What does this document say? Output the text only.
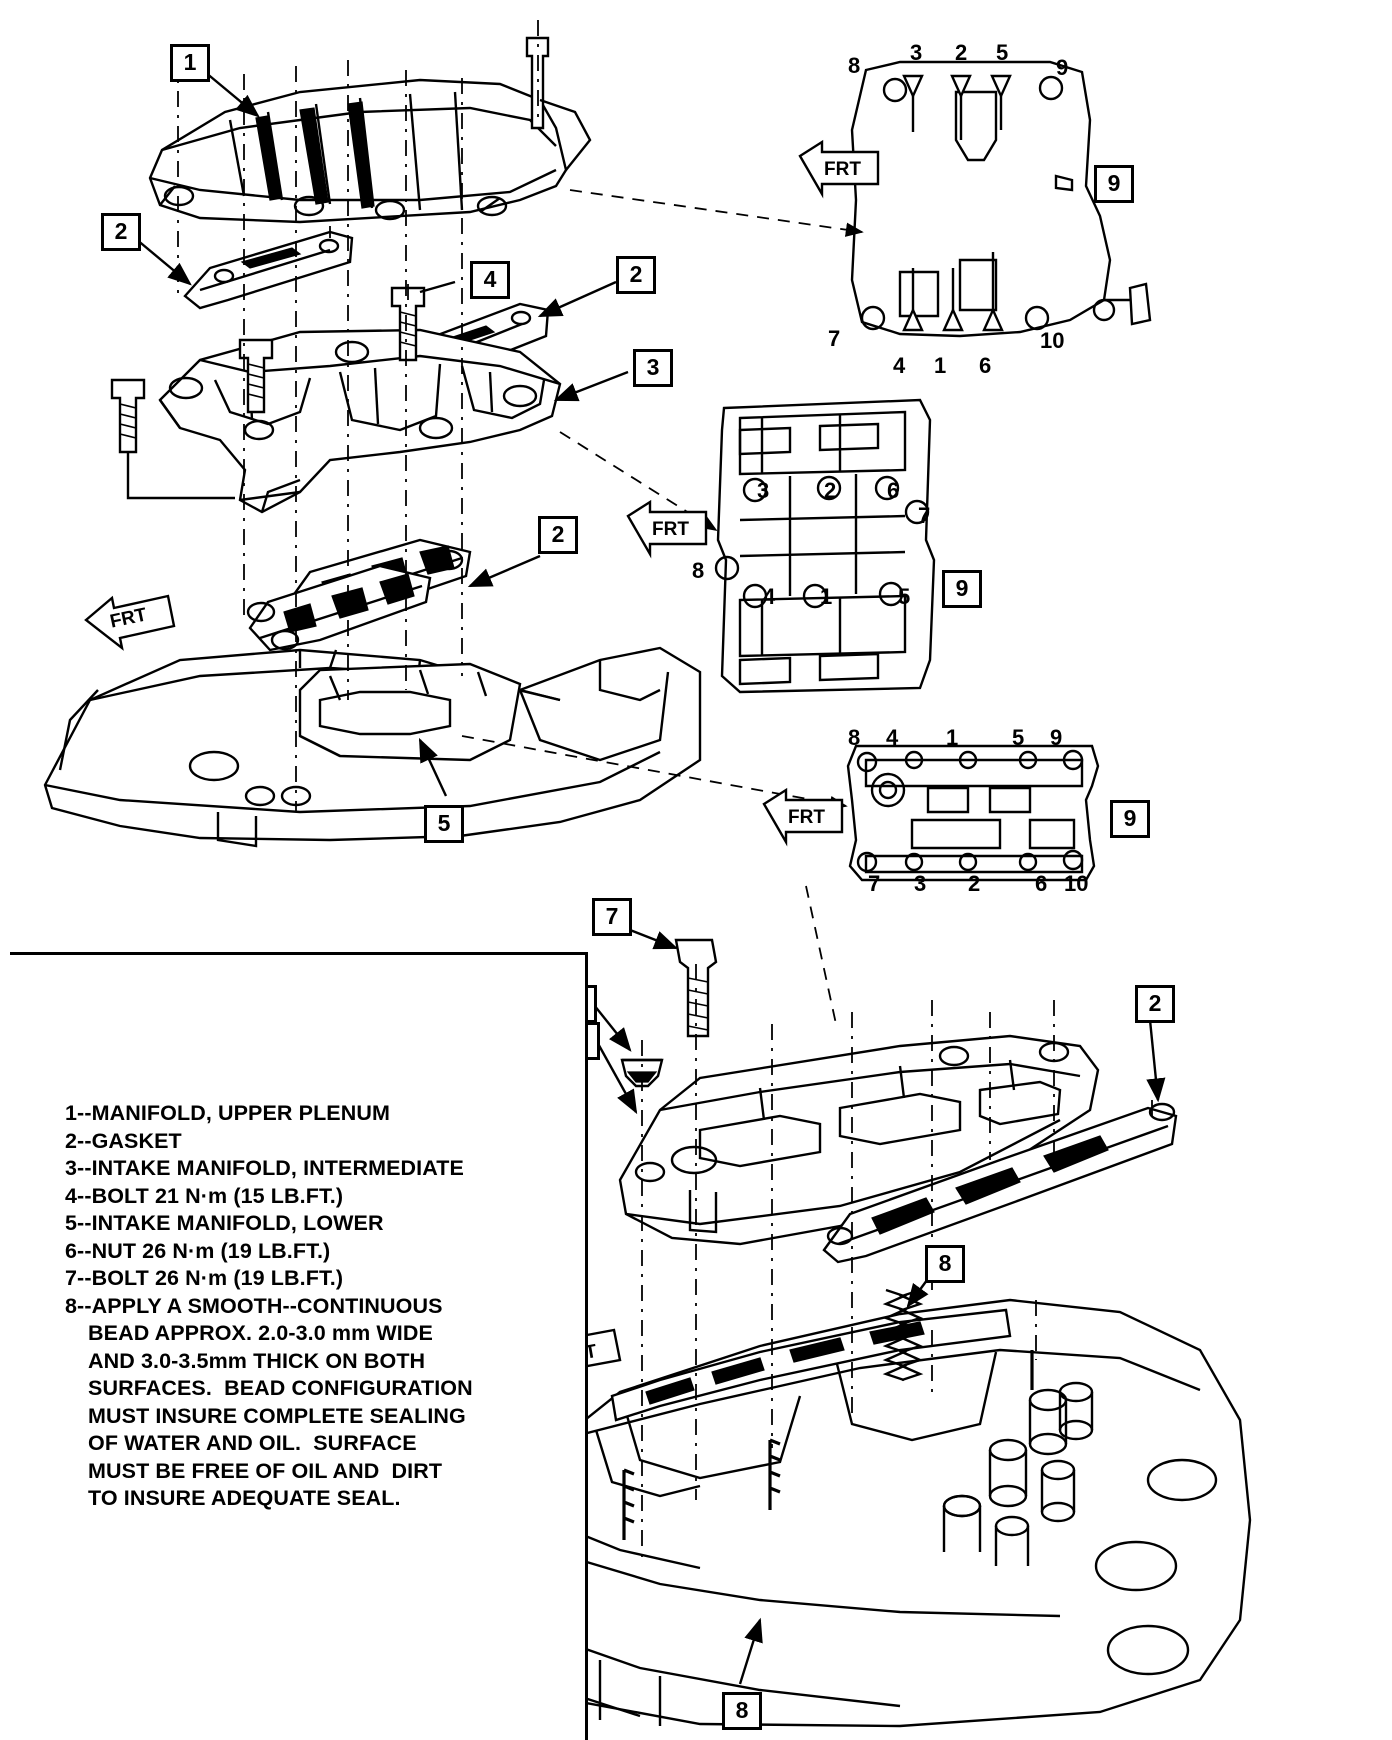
1
2
4	2
3
9
9
9
2
5
7
2
8
8
8
3 2 5
9
7	10
4 1 6
3 2 6
7
8
4 1	5
8 4 1 5 9
7 3 2 6 10
FRT
FRT
FRT
FRT
1--MANIFOLD, UPPER PLENUM
2--GASKET
3--INTAKE MANIFOLD, INTERMEDIATE
4--BOLT 21 N·m (15 LB.FT.)
5--INTAKE MANIFOLD, LOWER
6--NUT 26 N·m (19 LB.FT.)
7--BOLT 26 N·m (19 LB.FT.)
8--APPLY A SMOOTH--CONTINUOUS
BEAD APPROX. 2.0-3.0 mm WIDE
AND 3.0-3.5mm THICK ON BOTH
SURFACES.  BEAD CONFIGURATION
MUST INSURE COMPLETE SEALING
OF WATER AND OIL.  SURFACE
MUST BE FREE OF OIL AND  DIRT
TO INSURE ADEQUATE SEAL.
